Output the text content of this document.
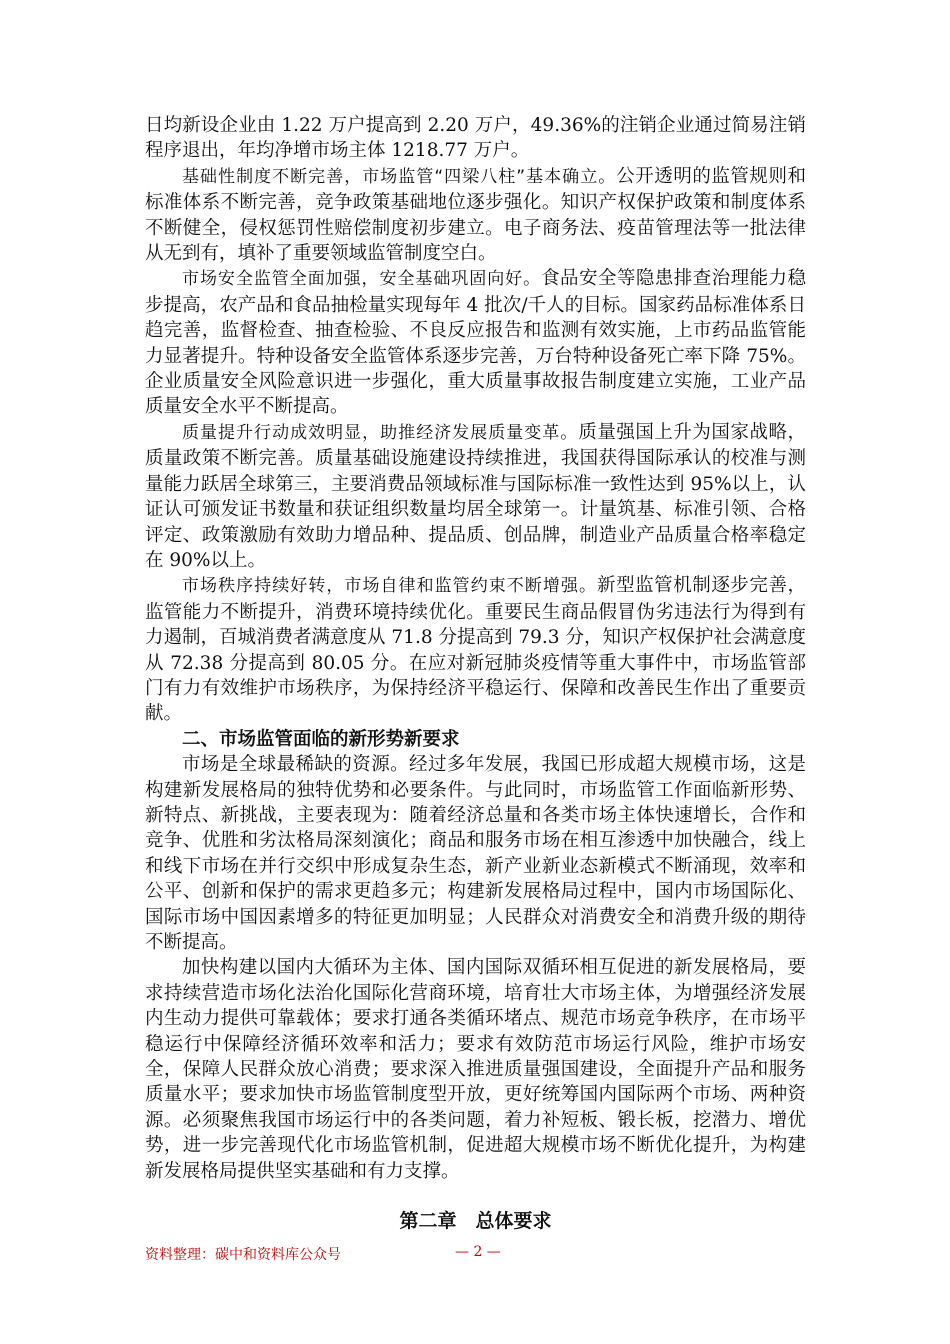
日均新设企业由 1.22 万户提高到 2.20 万户，49.36%的注销企业通过简易注销程序退出，年均净增市场主体 1218.77 万户。

基础性制度不断完善，市场监管“四梁八柱”基本确立。公开透明的监管规则和标准体系不断完善，竞争政策基础地位逐步强化。知识产权保护政策和制度体系不断健全，侵权惩罚性赔偿制度初步建立。电子商务法、疫苗管理法等一批法律从无到有，填补了重要领域监管制度空白。

市场安全监管全面加强，安全基础巩固向好。食品安全等隐患排查治理能力稳步提高，农产品和食品抽检量实现每年 4 批次/千人的目标。国家药品标准体系日趋完善，监督检查、抽查检验、不良反应报告和监测有效实施，上市药品监管能力显著提升。特种设备安全监管体系逐步完善，万台特种设备死亡率下降 75%。企业质量安全风险意识进一步强化，重大质量事故报告制度建立实施，工业产品质量安全水平不断提高。

质量提升行动成效明显，助推经济发展质量变革。质量强国上升为国家战略，质量政策不断完善。质量基础设施建设持续推进，我国获得国际承认的校准与测量能力跃居全球第三，主要消费品领域标准与国际标准一致性达到 95%以上，认证认可颁发证书数量和获证组织数量均居全球第一。计量筑基、标准引领、合格评定、政策激励有效助力增品种、提品质、创品牌，制造业产品质量合格率稳定在 90%以上。

市场秩序持续好转，市场自律和监管约束不断增强。新型监管机制逐步完善，监管能力不断提升，消费环境持续优化。重要民生商品假冒伪劣违法行为得到有力遏制，百城消费者满意度从 71.8 分提高到 79.3 分，知识产权保护社会满意度从 72.38 分提高到 80.05 分。在应对新冠肺炎疫情等重大事件中，市场监管部门有力有效维护市场秩序，为保持经济平稳运行、保障和改善民生作出了重要贡献。

二、市场监管面临的新形势新要求

市场是全球最稀缺的资源。经过多年发展，我国已形成超大规模市场，这是构建新发展格局的独特优势和必要条件。与此同时，市场监管工作面临新形势、新特点、新挑战，主要表现为：随着经济总量和各类市场主体快速增长，合作和竞争、优胜和劣汰格局深刻演化；商品和服务市场在相互渗透中加快融合，线上和线下市场在并行交织中形成复杂生态，新产业新业态新模式不断涌现，效率和公平、创新和保护的需求更趋多元；构建新发展格局过程中，国内市场国际化、国际市场中国因素增多的特征更加明显；人民群众对消费安全和消费升级的期待不断提高。

加快构建以国内大循环为主体、国内国际双循环相互促进的新发展格局，要求持续营造市场化法治化国际化营商环境，培育壮大市场主体，为增强经济发展内生动力提供可靠载体；要求打通各类循环堵点、规范市场竞争秩序，在市场平稳运行中保障经济循环效率和活力；要求有效防范市场运行风险，维护市场安全，保障人民群众放心消费；要求深入推进质量强国建设，全面提升产品和服务质量水平；要求加快市场监管制度型开放，更好统筹国内国际两个市场、两种资源。必须聚焦我国市场运行中的各类问题，着力补短板、锻长板，挖潜力、增优势，进一步完善现代化市场监管机制，促进超大规模市场不断优化提升，为构建新发展格局提供坚实基础和有力支撑。

第二章　总体要求
资料整理：碳中和资料库公众号	— 2 —
